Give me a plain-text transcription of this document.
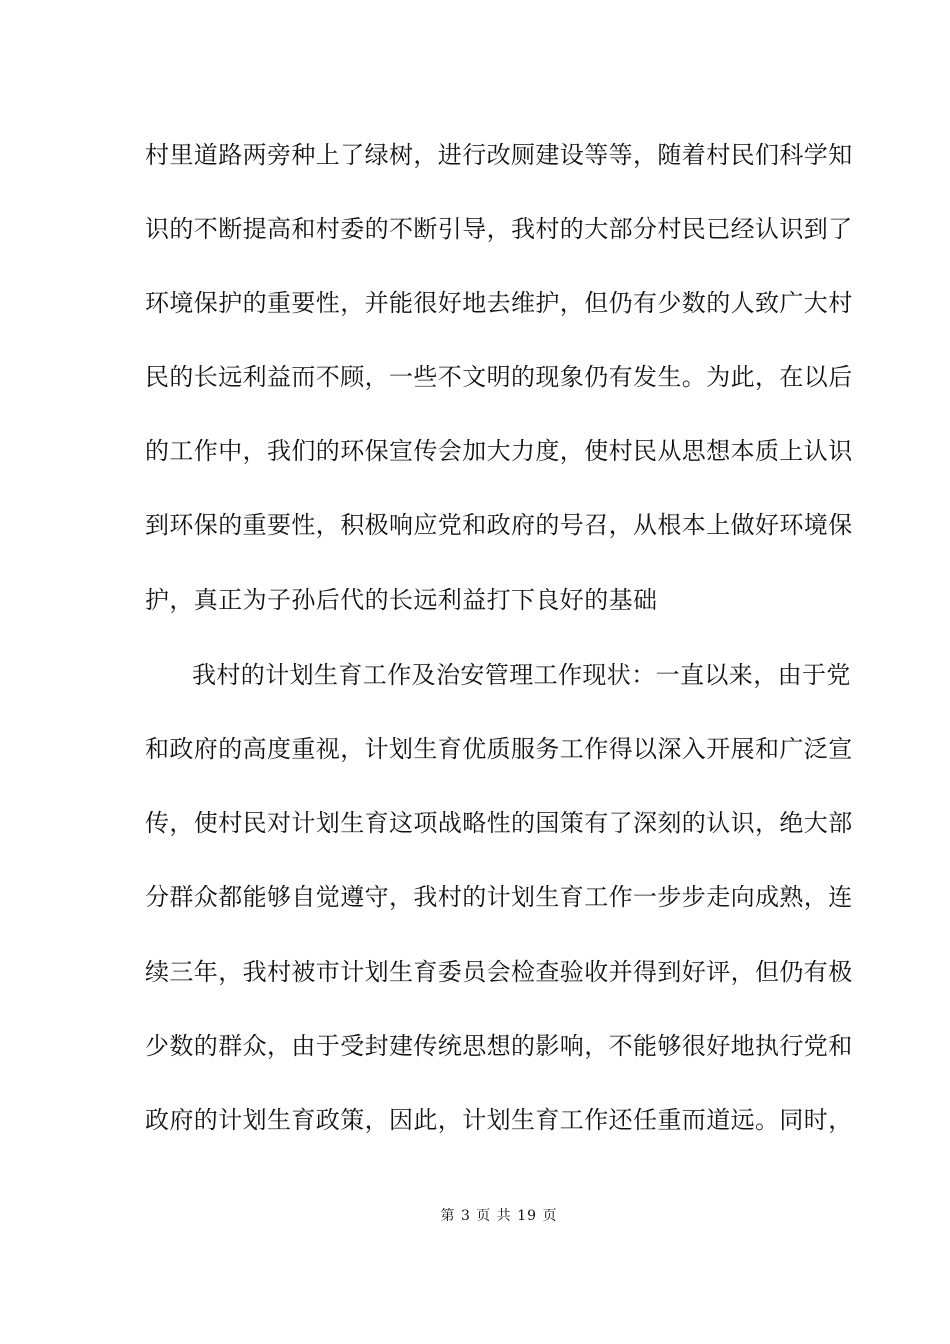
村里道路两旁种上了绿树，进行改厕建设等等，随着村民们科学知
识的不断提高和村委的不断引导，我村的大部分村民已经认识到了
环境保护的重要性，并能很好地去维护，但仍有少数的人致广大村
民的长远利益而不顾，一些不文明的现象仍有发生。为此，在以后
的工作中，我们的环保宣传会加大力度，使村民从思想本质上认识
到环保的重要性，积极响应党和政府的号召，从根本上做好环境保
护，真正为子孙后代的长远利益打下良好的基础
我村的计划生育工作及治安管理工作现状：一直以来，由于党
和政府的高度重视，计划生育优质服务工作得以深入开展和广泛宣
传，使村民对计划生育这项战略性的国策有了深刻的认识，绝大部
分群众都能够自觉遵守，我村的计划生育工作一步步走向成熟，连
续三年，我村被市计划生育委员会检查验收并得到好评，但仍有极
少数的群众，由于受封建传统思想的影响，不能够很好地执行党和
政府的计划生育政策，因此，计划生育工作还任重而道远。同时，
第 3 页 共 19 页
